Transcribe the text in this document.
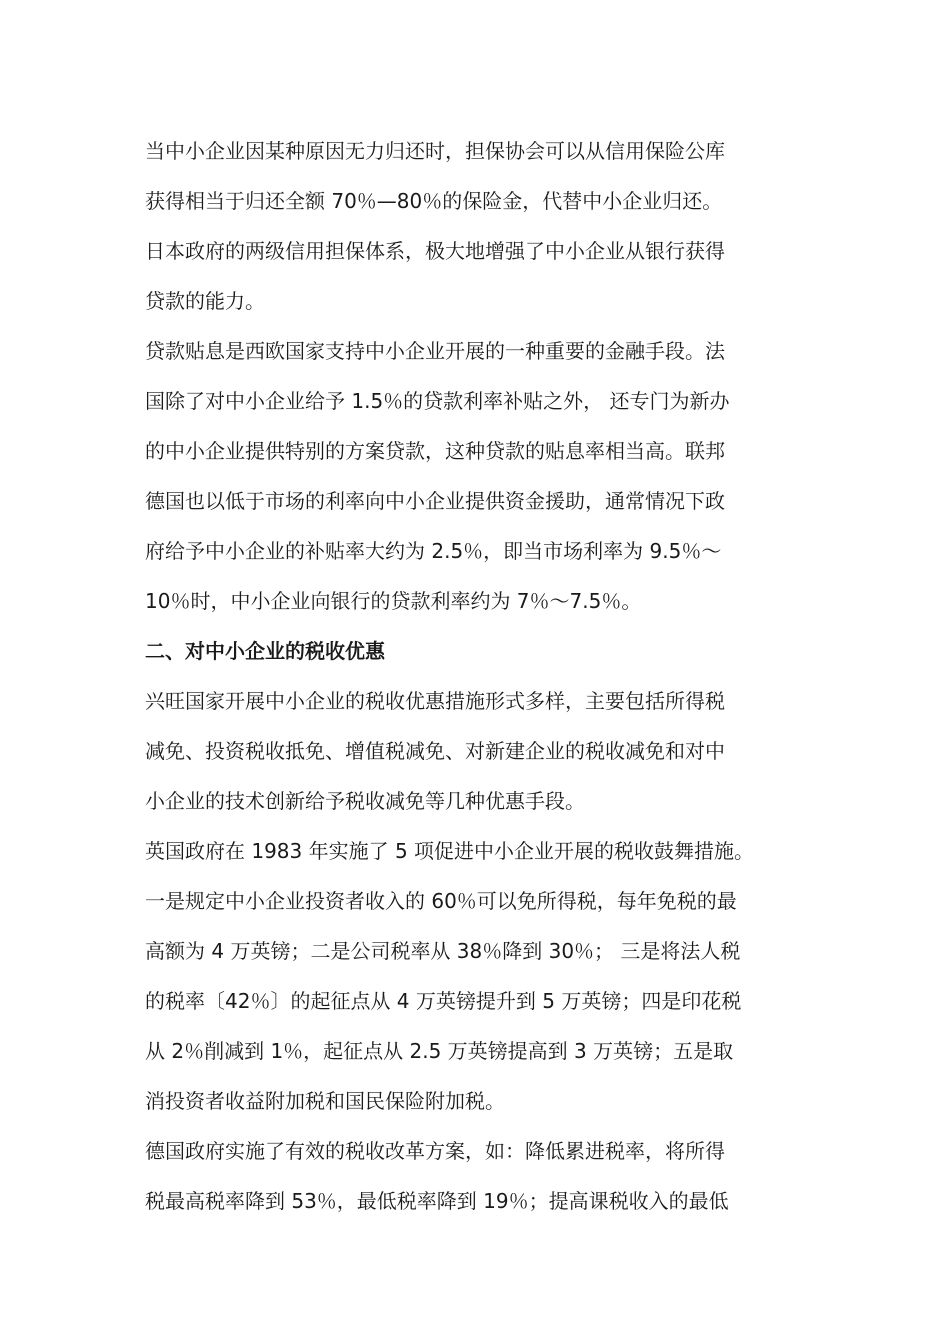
当中小企业因某种原因无力归还时，担保协会可以从信用保险公库

获得相当于归还全额 70％—80％的保险金，代替中小企业归还。

日本政府的两级信用担保体系，极大地增强了中小企业从银行获得

贷款的能力。

贷款贴息是西欧国家支持中小企业开展的一种重要的金融手段。法

国除了对中小企业给予 1.5％的贷款利率补贴之外， 还专门为新办

的中小企业提供特别的方案贷款，这种贷款的贴息率相当高。联邦

德国也以低于市场的利率向中小企业提供资金援助，通常情况下政

府给予中小企业的补贴率大约为 2.5％，即当市场利率为 9.5％～

10％时，中小企业向银行的贷款利率约为 7％～7.5％。

二、对中小企业的税收优惠

兴旺国家开展中小企业的税收优惠措施形式多样，主要包括所得税

减免、投资税收抵免、增值税减免、对新建企业的税收减免和对中

小企业的技术创新给予税收减免等几种优惠手段。

英国政府在 1983 年实施了 5 项促进中小企业开展的税收鼓舞措施。

一是规定中小企业投资者收入的 60％可以免所得税，每年免税的最

高额为 4 万英镑；二是公司税率从 38％降到 30％； 三是将法人税

的税率〔42％〕的起征点从 4 万英镑提升到 5 万英镑；四是印花税

从 2％削减到 1％，起征点从 2.5 万英镑提高到 3 万英镑；五是取

消投资者收益附加税和国民保险附加税。

德国政府实施了有效的税收改革方案，如：降低累进税率，将所得

税最高税率降到 53％，最低税率降到 19％；提高课税收入的最低
